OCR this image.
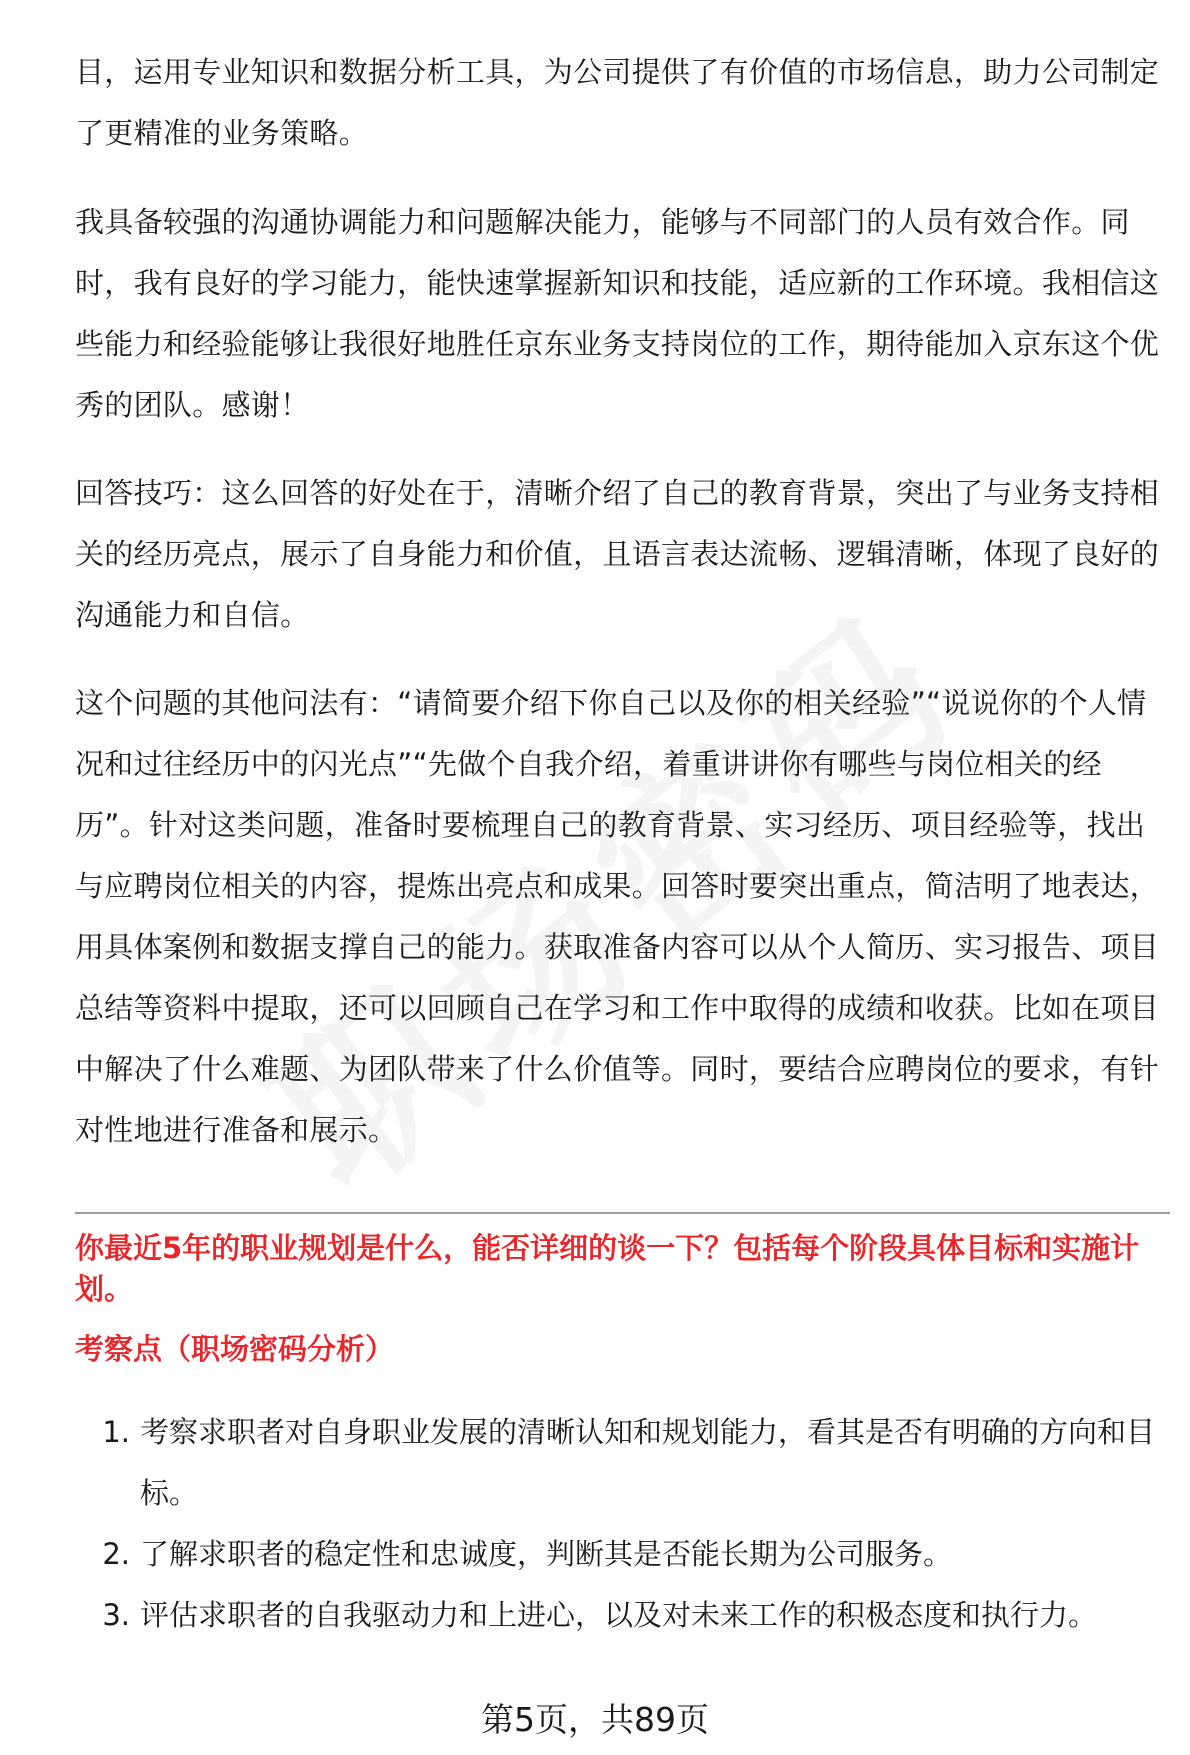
目，运用专业知识和数据分析工具，为公司提供了有价值的市场信息，助力公司制定了更精准的业务策略。

我具备较强的沟通协调能力和问题解决能力，能够与不同部门的人员有效合作。同时，我有良好的学习能力，能快速掌握新知识和技能，适应新的工作环境。我相信这些能力和经验能够让我很好地胜任京东业务支持岗位的工作，期待能加入京东这个优秀的团队。感谢！

回答技巧：这么回答的好处在于，清晰介绍了自己的教育背景，突出了与业务支持相关的经历亮点，展示了自身能力和价值，且语言表达流畅、逻辑清晰，体现了良好的沟通能力和自信。

这个问题的其他问法有：“请简要介绍下你自己以及你的相关经验”“说说你的个人情况和过往经历中的闪光点”“先做个自我介绍，着重讲讲你有哪些与岗位相关的经历”。针对这类问题，准备时要梳理自己的教育背景、实习经历、项目经验等，找出与应聘岗位相关的内容，提炼出亮点和成果。回答时要突出重点，简洁明了地表达，用具体案例和数据支撑自己的能力。获取准备内容可以从个人简历、实习报告、项目总结等资料中提取，还可以回顾自己在学习和工作中取得的成绩和收获。比如在项目中解决了什么难题、为团队带来了什么价值等。同时，要结合应聘岗位的要求，有针对性地进行准备和展示。

你最近5年的职业规划是什么，能否详细的谈一下？包括每个阶段具体目标和实施计划。
考察点（职场密码分析）
1. 考察求职者对自身职业发展的清晰认知和规划能力，看其是否有明确的方向和目标。
2. 了解求职者的稳定性和忠诚度，判断其是否能长期为公司服务。
3. 评估求职者的自我驱动力和上进心，以及对未来工作的积极态度和执行力。

第5页，共89页
